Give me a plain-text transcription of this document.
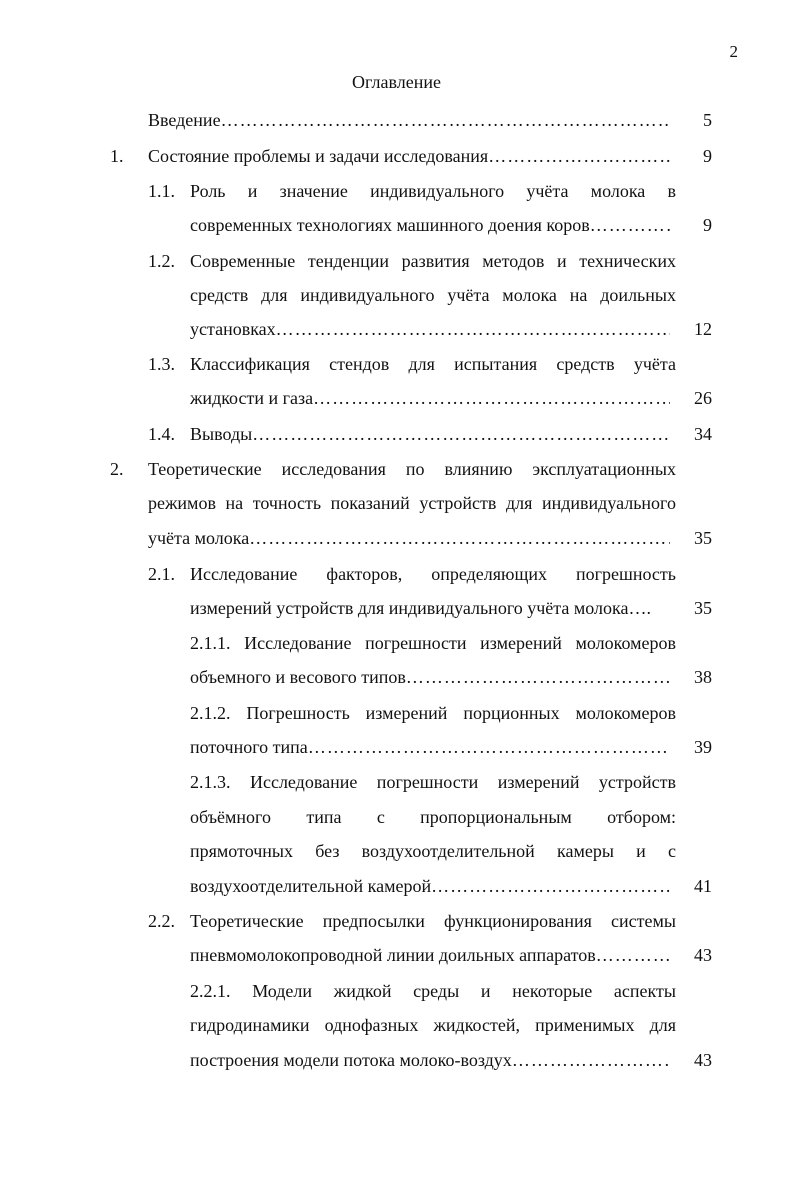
2
Оглавление
Введение ……………………………………………………………………………………………………………………………………………	5
1. Состояние проблемы и задачи исследования ……………………………………………………………………………………………………………………………………………	9
1.1. Роль и значение индивидуального учёта молока в
современных технологиях машинного доения коров ……………………………………………………………………………………………………………………………………………	9
1.2. Современные тенденции развития методов и технических
средств для индивидуального учёта молока на доильных
установках ……………………………………………………………………………………………………………………………………………	12
1.3. Классификация стендов для испытания средств учёта
жидкости и газа ……………………………………………………………………………………………………………………………………………	26
1.4. Выводы ……………………………………………………………………………………………………………………………………………	34
2. Теоретические исследования по влиянию эксплуатационных
режимов на точность показаний устройств для индивидуального
учёта молока ……………………………………………………………………………………………………………………………………………	35
2.1. Исследование факторов, определяющих погрешность
измерений устройств для индивидуального учёта молока….	35
2.1.1. Исследование погрешности измерений молокомеров
объемного и весового типов ……………………………………………………………………………………………………………………………………………	38
2.1.2. Погрешность измерений порционных молокомеров
поточного типа ……………………………………………………………………………………………………………………………………………	39
2.1.3. Исследование погрешности измерений устройств
объёмного типа с пропорциональным отбором:
прямоточных без воздухоотделительной камеры и с
воздухоотделительной камерой ……………………………………………………………………………………………………………………………………………	41
2.2. Теоретические предпосылки функционирования системы
пневмомолокопроводной линии доильных аппаратов ……………………………………………………………………………………………………………………………………………	43
2.2.1. Модели жидкой среды и некоторые аспекты
гидродинамики однофазных жидкостей, применимых для
построения модели потока молоко-воздух ……………………………………………………………………………………………………………………………………………	43
